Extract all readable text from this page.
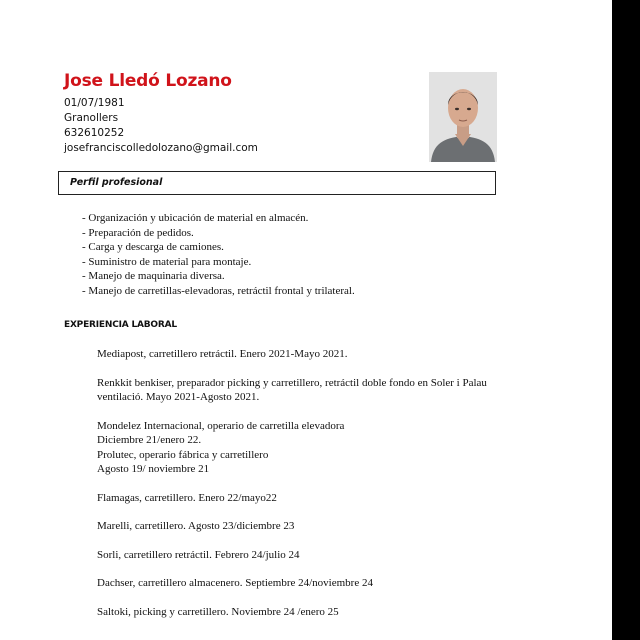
Jose Lledó Lozano
01/07/1981
Granollers
632610252
josefranciscolledolozano@gmail.com
Perfil profesional
- Organización y ubicación de material en almacén.
- Preparación de pedidos.
- Carga y descarga de camiones.
- Suministro de material para montaje.
- Manejo de maquinaria diversa.
- Manejo de carretillas-elevadoras, retráctil frontal y trilateral.
EXPERIENCIA LABORAL
Mediapost, carretillero retráctil. Enero 2021-Mayo 2021.
Renkkit benkiser, preparador picking y carretillero, retráctil doble fondo en Soler i Palau
ventilació. Mayo 2021-Agosto 2021.
Mondelez Internacional, operario de carretilla elevadora
Diciembre 21/enero 22.
Prolutec, operario fábrica y carretillero
Agosto 19/ noviembre 21
Flamagas, carretillero. Enero 22/mayo22
Marelli, carretillero. Agosto 23/diciembre 23
Sorli, carretillero retráctil. Febrero 24/julio 24
Dachser, carretillero almacenero. Septiembre 24/noviembre 24
Saltoki, picking y carretillero. Noviembre 24 /enero 25
